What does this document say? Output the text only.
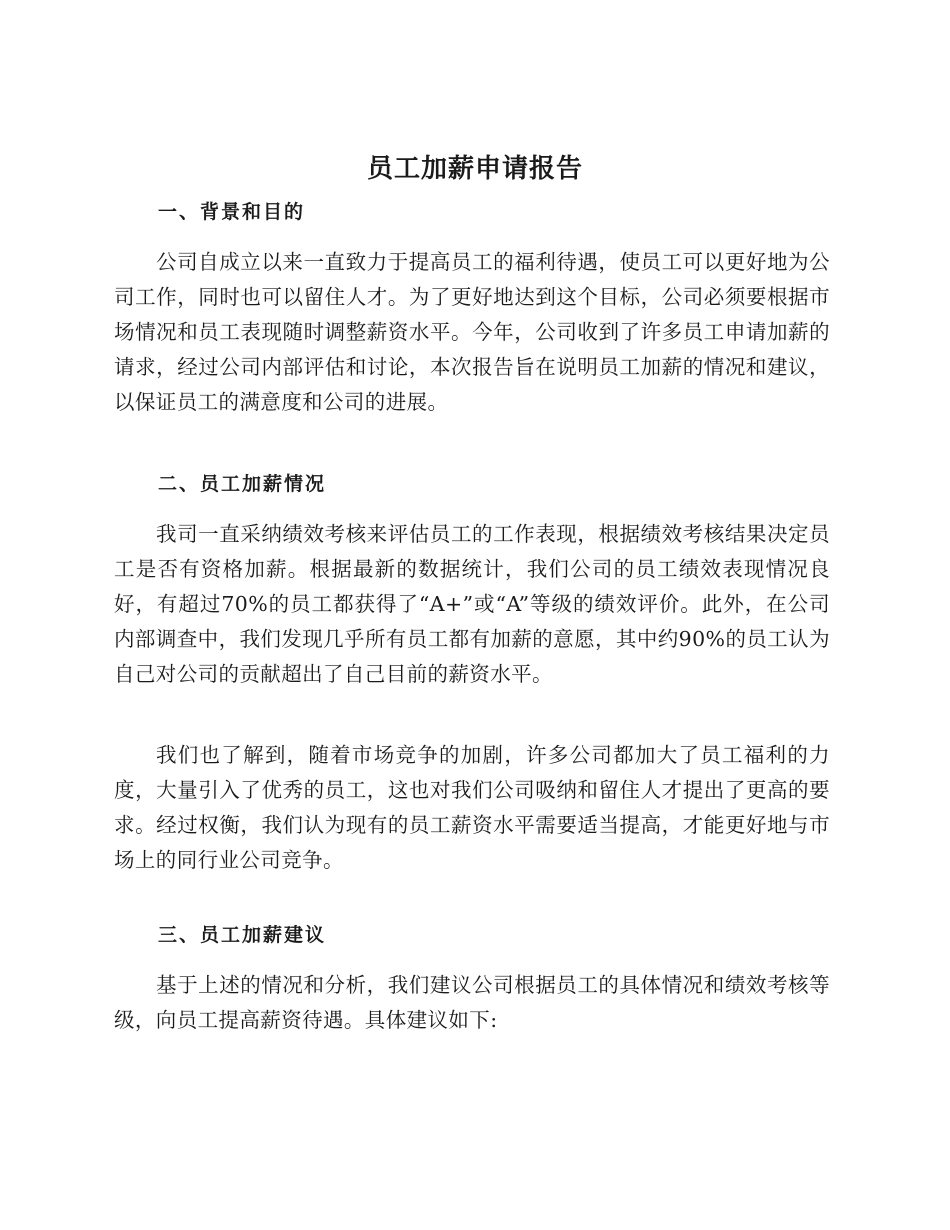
员工加薪申请报告
一、背景和目的

公司自成立以来一直致力于提高员工的福利待遇，使员工可以更好地为公司工作，同时也可以留住人才。为了更好地达到这个目标，公司必须要根据市场情况和员工表现随时调整薪资水平。今年，公司收到了许多员工申请加薪的请求，经过公司内部评估和讨论，本次报告旨在说明员工加薪的情况和建议，以保证员工的满意度和公司的进展。

二、员工加薪情况

我司一直采纳绩效考核来评估员工的工作表现，根据绩效考核结果决定员工是否有资格加薪。根据最新的数据统计，我们公司的员工绩效表现情况良好，有超过70%的员工都获得了“A+”或“A”等级的绩效评价。此外，在公司内部调查中，我们发现几乎所有员工都有加薪的意愿，其中约90%的员工认为自己对公司的贡献超出了自己目前的薪资水平。

我们也了解到，随着市场竞争的加剧，许多公司都加大了员工福利的力度，大量引入了优秀的员工，这也对我们公司吸纳和留住人才提出了更高的要求。经过权衡，我们认为现有的员工薪资水平需要适当提高，才能更好地与市场上的同行业公司竞争。

三、员工加薪建议

基于上述的情况和分析，我们建议公司根据员工的具体情况和绩效考核等级，向员工提高薪资待遇。具体建议如下:
